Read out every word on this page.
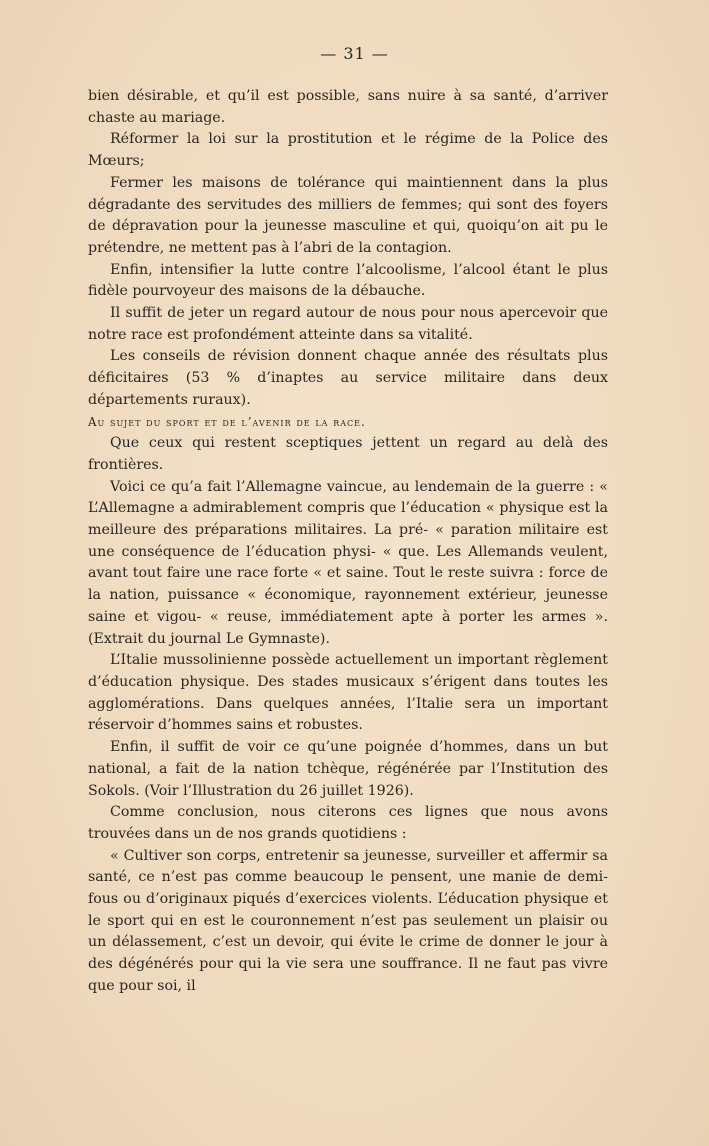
— 31 —

bien désirable, et qu’il est possible, sans nuire à sa santé, d’arriver chaste au mariage.

Réformer la loi sur la prostitution et le régime de la Police des Mœurs;

Fermer les maisons de tolérance qui maintiennent dans la plus dégradante des servitudes des milliers de femmes; qui sont des foyers de dépravation pour la jeunesse masculine et qui, quoiqu’on ait pu le prétendre, ne mettent pas à l’abri de la contagion.

Enfin, intensifier la lutte contre l’alcoolisme, l’alcool étant le plus fidèle pourvoyeur des maisons de la débauche.

Il suffit de jeter un regard autour de nous pour nous apercevoir que notre race est profondément atteinte dans sa vitalité.

Les conseils de révision donnent chaque année des résultats plus déficitaires (53 % d’inaptes au service militaire dans deux départements ruraux).

Au sujet du sport et de l’avenir de la race.

Que ceux qui restent sceptiques jettent un regard au delà des frontières.

Voici ce qu’a fait l’Allemagne vaincue, au lendemain de la guerre : « L’Allemagne a admirablement compris que l’éducation « physique est la meilleure des préparations militaires. La pré- « paration militaire est une conséquence de l’éducation physi- « que. Les Allemands veulent, avant tout faire une race forte « et saine. Tout le reste suivra : force de la nation, puissance « économique, rayonnement extérieur, jeunesse saine et vigou- « reuse, immédiatement apte à porter les armes ». (Extrait du journal Le Gymnaste).

L’Italie mussolinienne possède actuellement un important règlement d’éducation physique. Des stades musicaux s’érigent dans toutes les agglomérations. Dans quelques années, l’Italie sera un important réservoir d’hommes sains et robustes.

Enfin, il suffit de voir ce qu’une poignée d’hommes, dans un but national, a fait de la nation tchèque, régénérée par l’Institution des Sokols. (Voir l’Illustration du 26 juillet 1926).

Comme conclusion, nous citerons ces lignes que nous avons trouvées dans un de nos grands quotidiens :

« Cultiver son corps, entretenir sa jeunesse, surveiller et affermir sa santé, ce n’est pas comme beaucoup le pensent, une manie de demi-fous ou d’originaux piqués d’exercices violents. L’éducation physique et le sport qui en est le couronnement n’est pas seulement un plaisir ou un délassement, c’est un devoir, qui évite le crime de donner le jour à des dégénérés pour qui la vie sera une souffrance. Il ne faut pas vivre que pour soi, il
